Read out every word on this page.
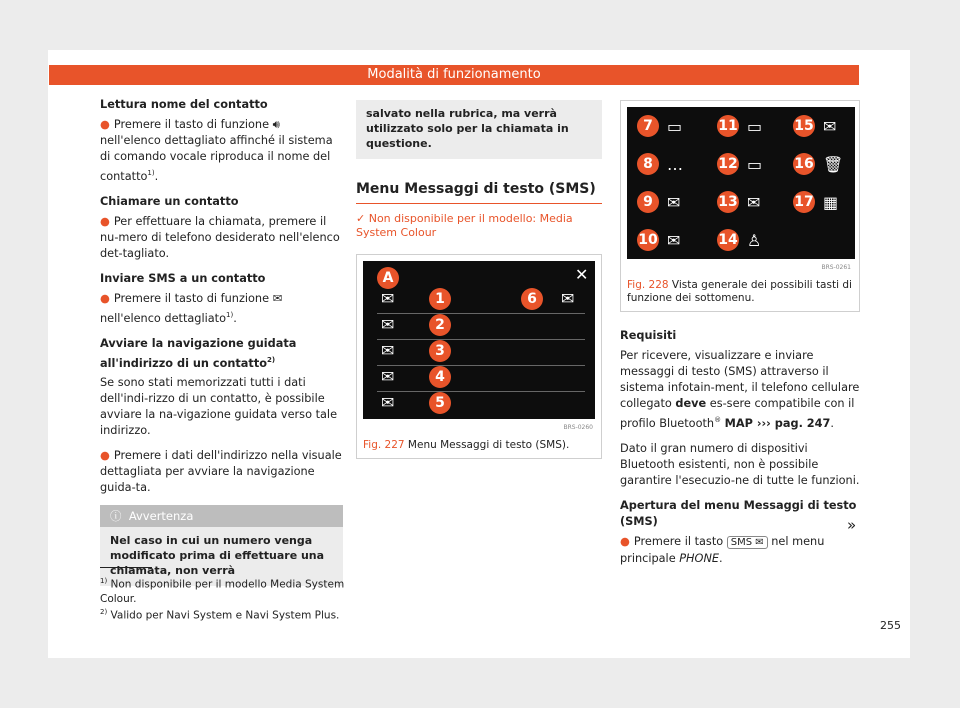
Modalità di funzionamento

Lettura nome del contatto

● Premere il tasto di funzione 🔊︎ nell'elenco dettagliato affinché il sistema di comando vocale riproduca il nome del contatto$^{1)}$.

Chiamare un contatto

● Per effettuare la chiamata, premere il nu-mero di telefono desiderato nell'elenco det-tagliato.

Inviare SMS a un contatto

● Premere il tasto di funzione ✉ nell'elenco dettagliato$^{1)}$.

Avviare la navigazione guidata all'indirizzo di un contatto$^{2)}$

Se sono stati memorizzati tutti i dati dell'indi-rizzo di un contatto, è possibile avviare la na-vigazione guidata verso tale indirizzo.

● Premere i dati dell'indirizzo nella visuale dettagliata per avviare la navigazione guida-ta.

ⓘ Avvertenza
Nel caso in cui un numero venga modificato prima di effettuare una chiamata, non verrà
salvato nella rubrica, ma verrà utilizzato solo per la chiamata in questione.
Menu Messaggi di testo (SMS)
✓ Non disponibile per il modello: Media System Colour
A	✕
✉
✉
✉
✉
✉
✉
1
2
3
4
5
6
BRS-0260
Fig. 227 Menu Messaggi di testo (SMS).
7
8
9
10
11
12
13
14
15
16
17
▭
…
✉
✉
▭
▭
✉
♙
✉
🗑︎
▦
BRS-0261
Fig. 228 Vista generale dei possibili tasti di funzione dei sottomenu.

Requisiti

Per ricevere, visualizzare e inviare messaggi di testo (SMS) attraverso il sistema infotain-ment, il telefono cellulare collegato deve es-sere compatibile con il profilo Bluetooth® MAP ››› pag. 247.

Dato il gran numero di dispositivi Bluetooth esistenti, non è possibile garantire l'esecuzio-ne di tutte le funzioni.

Apertura del menu Messaggi di testo (SMS)

● Premere il tasto SMS ✉ nel menu principale PHONE.

»
$^{1)}$ Non disponibile per il modello Media System Colour.
$^{2)}$ Valido per Navi System e Navi System Plus.
255
